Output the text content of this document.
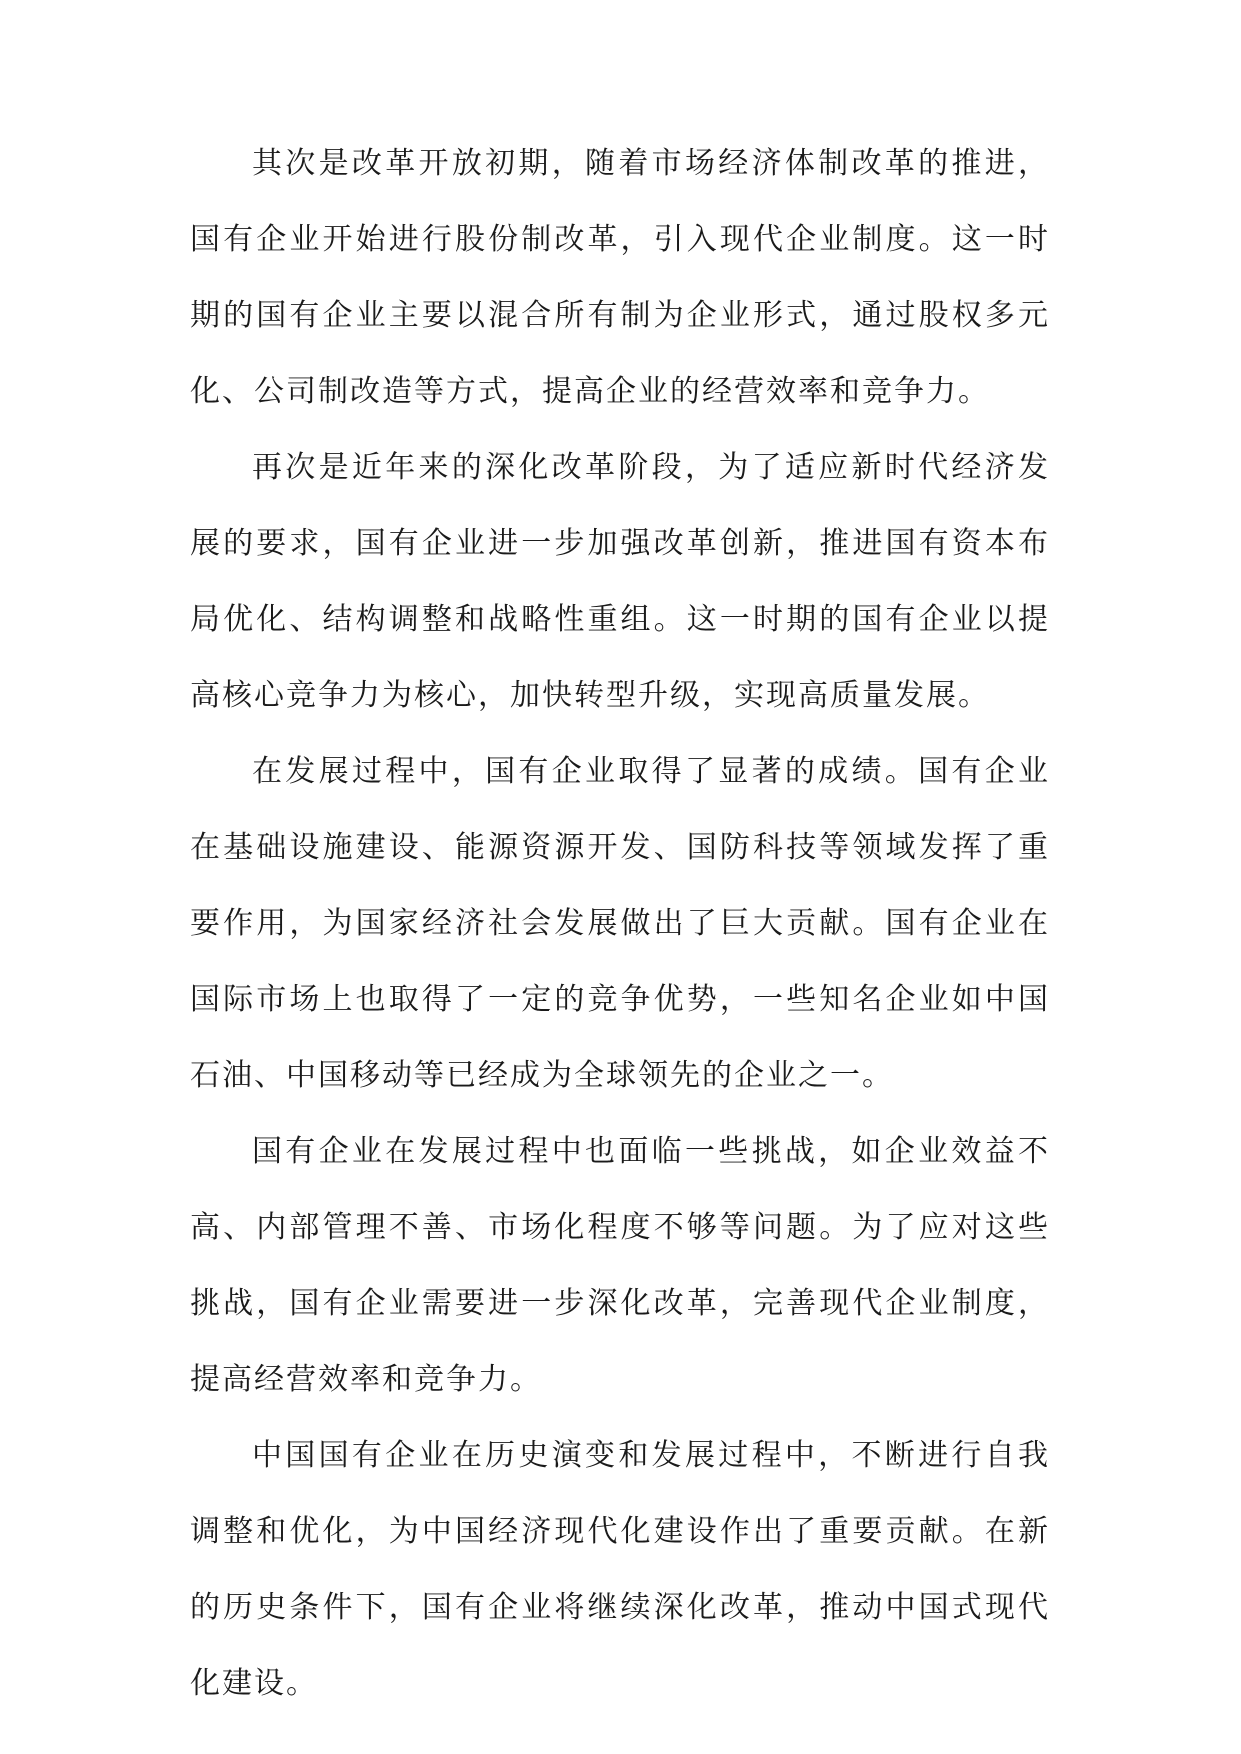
其次是改革开放初期，随着市场经济体制改革的推进，国有企业开始进行股份制改革，引入现代企业制度。这一时期的国有企业主要以混合所有制为企业形式，通过股权多元化、公司制改造等方式，提高企业的经营效率和竞争力。

再次是近年来的深化改革阶段，为了适应新时代经济发展的要求，国有企业进一步加强改革创新，推进国有资本布局优化、结构调整和战略性重组。这一时期的国有企业以提高核心竞争力为核心，加快转型升级，实现高质量发展。

在发展过程中，国有企业取得了显著的成绩。国有企业在基础设施建设、能源资源开发、国防科技等领域发挥了重要作用，为国家经济社会发展做出了巨大贡献。国有企业在国际市场上也取得了一定的竞争优势，一些知名企业如中国石油、中国移动等已经成为全球领先的企业之一。

国有企业在发展过程中也面临一些挑战，如企业效益不高、内部管理不善、市场化程度不够等问题。为了应对这些挑战，国有企业需要进一步深化改革，完善现代企业制度，提高经营效率和竞争力。

中国国有企业在历史演变和发展过程中，不断进行自我调整和优化，为中国经济现代化建设作出了重要贡献。在新的历史条件下，国有企业将继续深化改革，推动中国式现代化建设。
